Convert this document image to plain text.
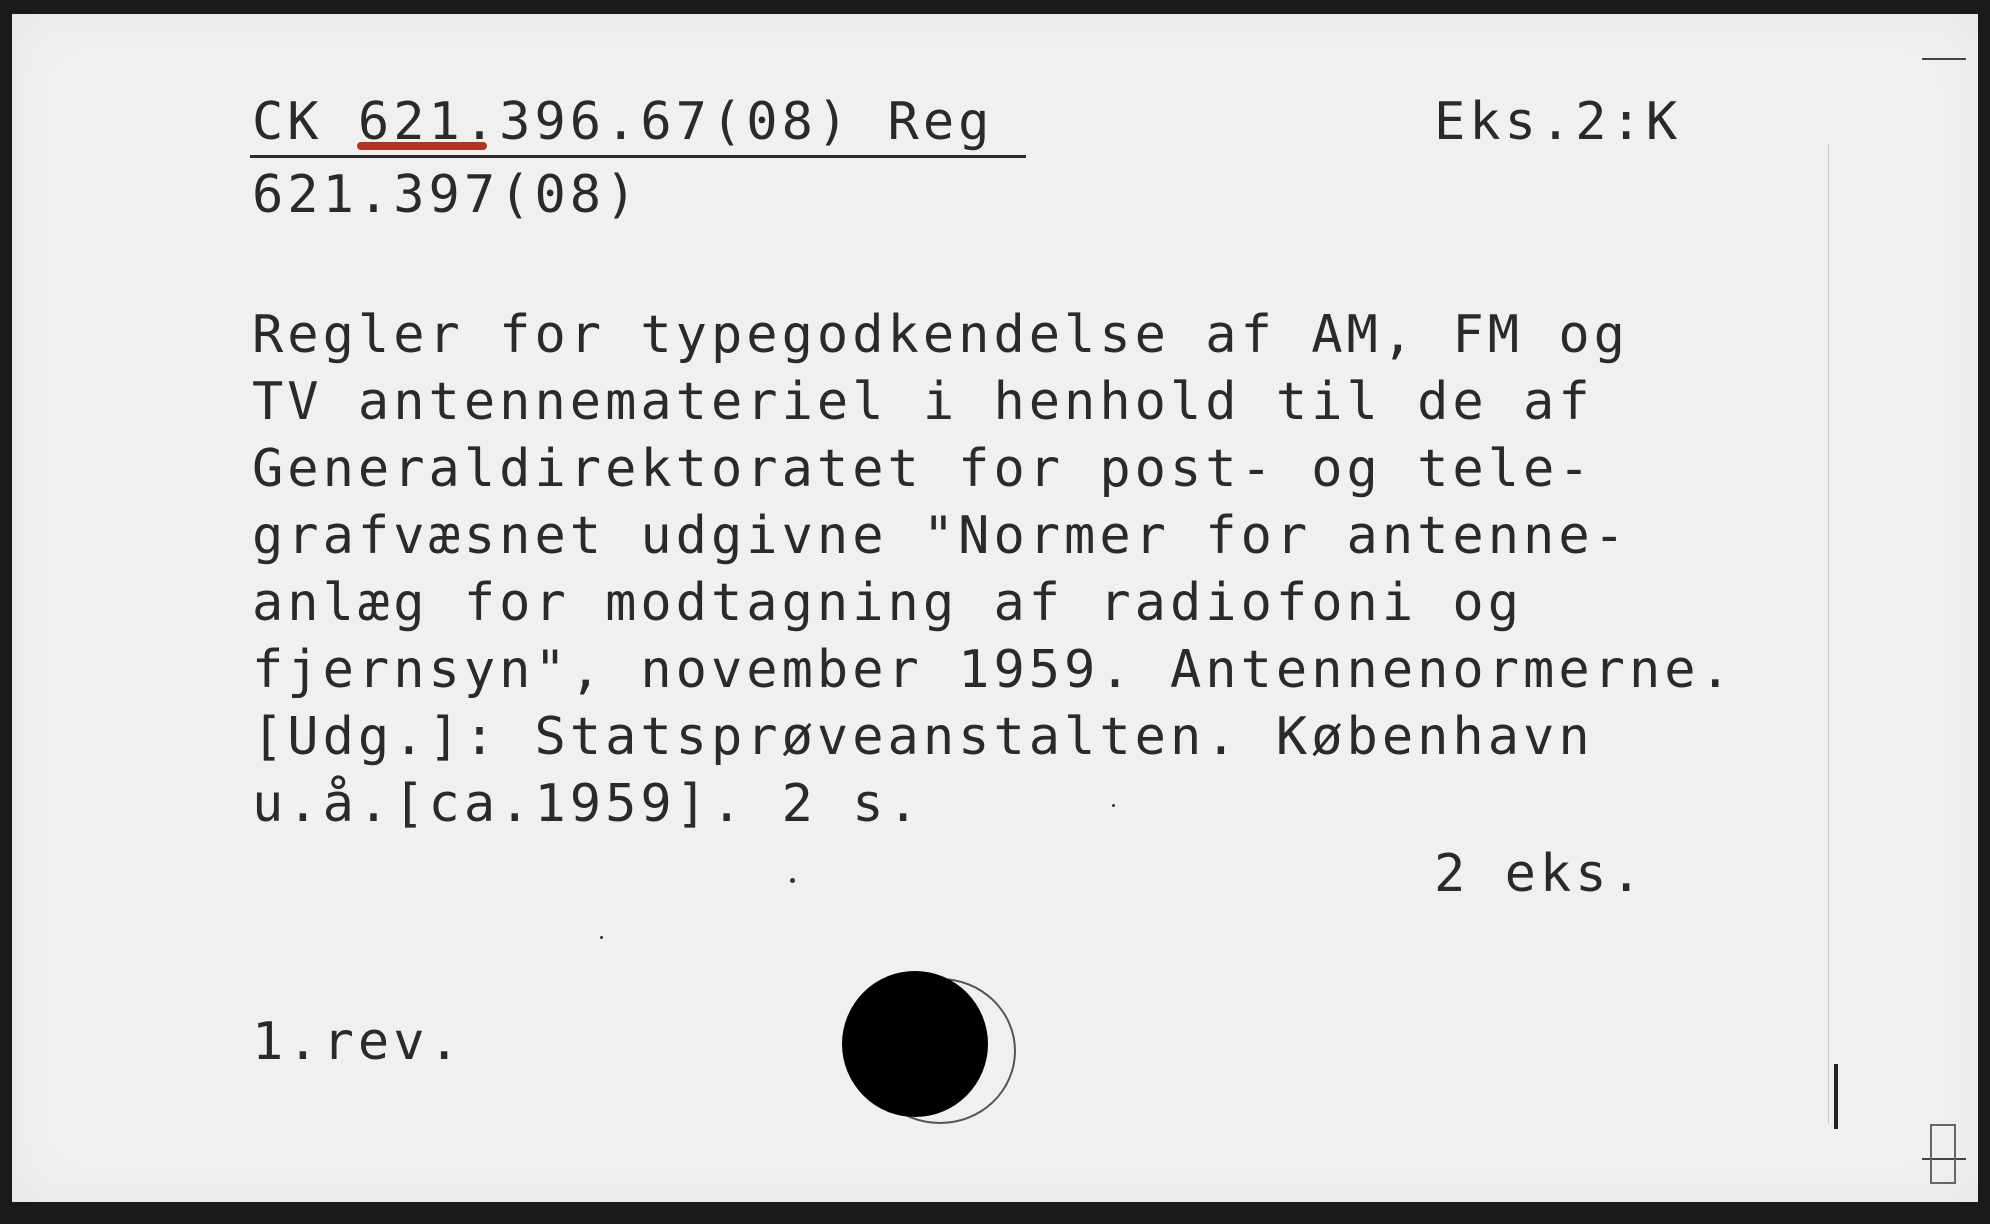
CK 621.396.67(08) Reg
621.397(08)
Eks.2:K
Regler for typegodkendelse af AM, FM og
TV antennemateriel i henhold til de af
Generaldirektoratet for post- og tele-
grafvæsnet udgivne "Normer for antenne-
anlæg for modtagning af radiofoni og
fjernsyn", november 1959. Antennenormerne.
[Udg.]: Statsprøveanstalten. København
u.å.[ca.1959]. 2 s.
2 eks.
1.rev.
